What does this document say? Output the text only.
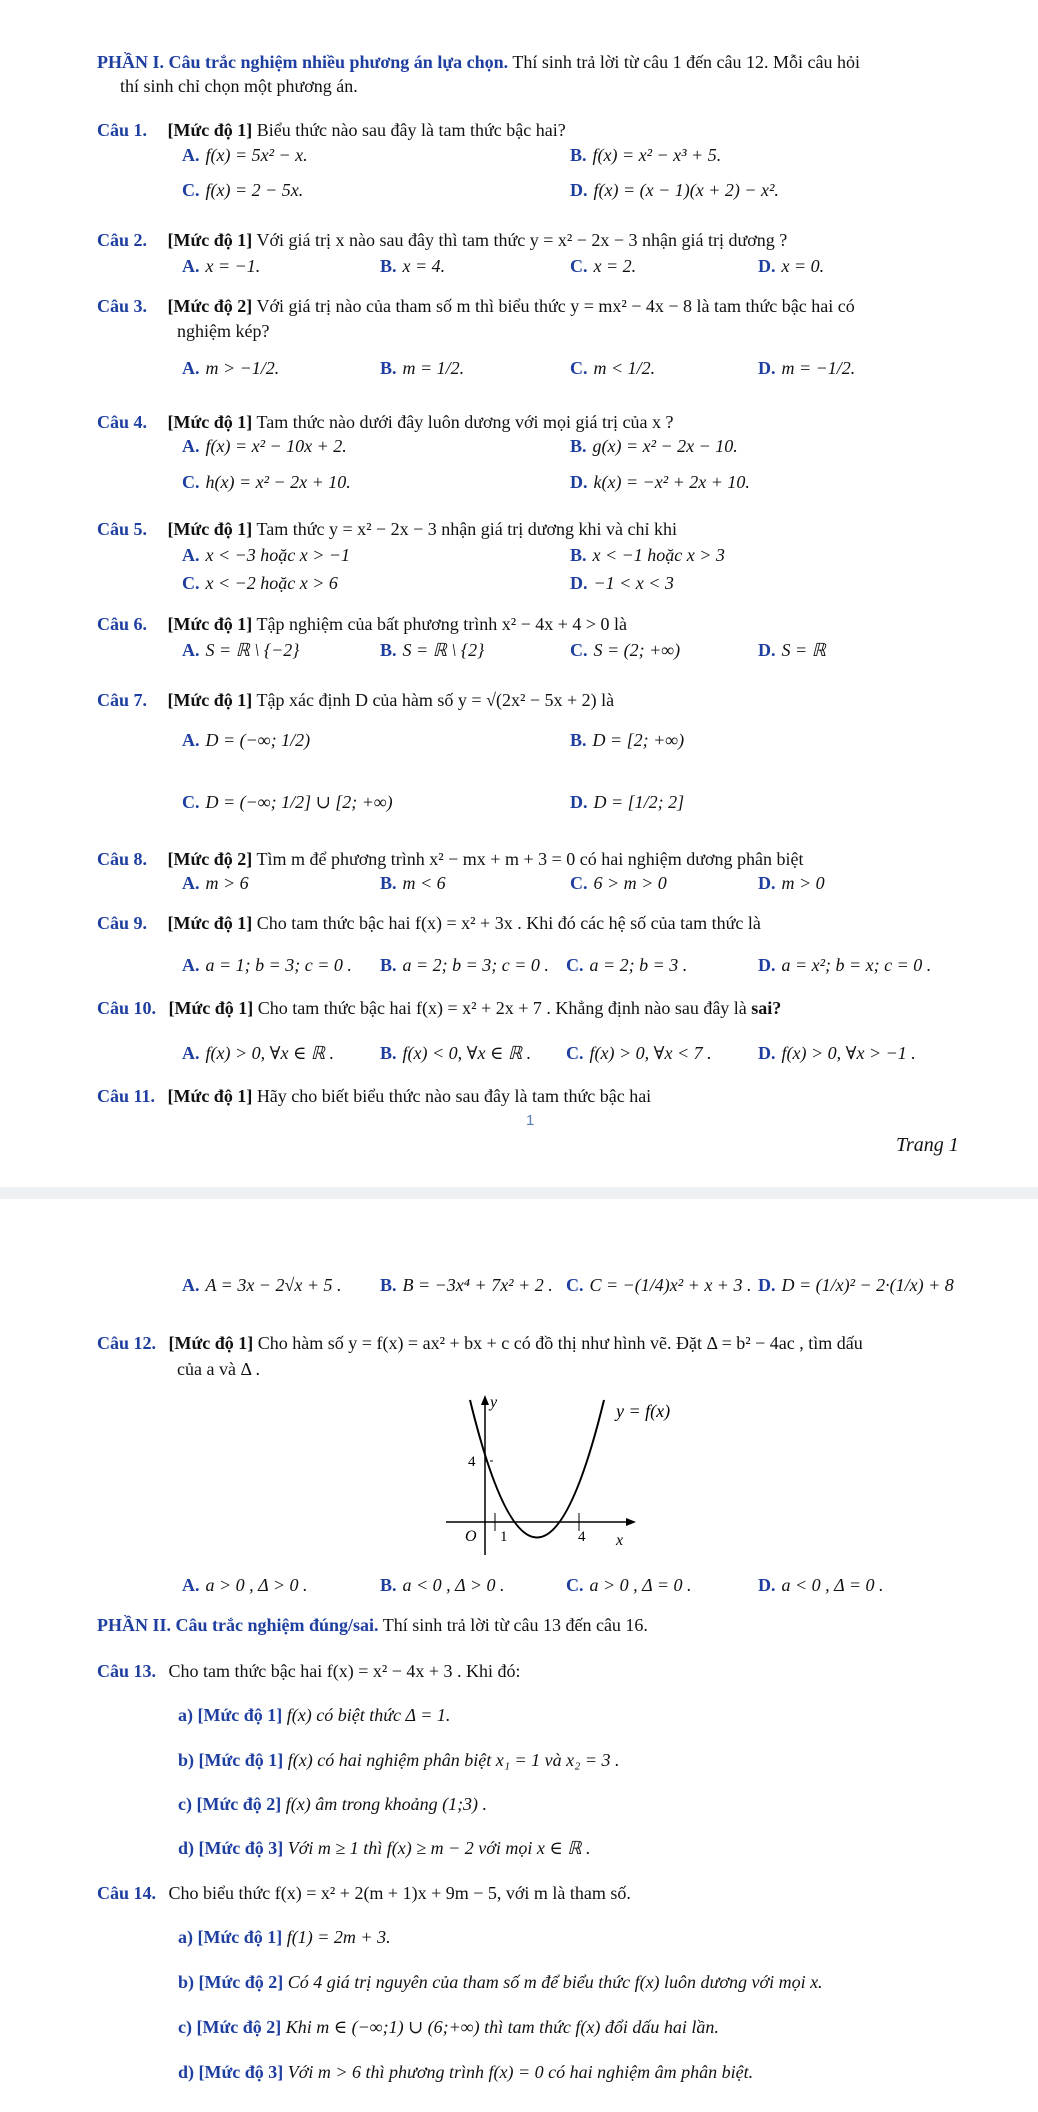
PHẦN I. Câu trắc nghiệm nhiều phương án lựa chọn. Thí sinh trả lời từ câu 1 đến câu 12. Mỗi câu hỏi
thí sinh chỉ chọn một phương án.
Câu 1. [Mức độ 1] Biểu thức nào sau đây là tam thức bậc hai?
A. f(x) = 5x² − x.	B. f(x) = x² − x³ + 5.
C. f(x) = 2 − 5x.	D. f(x) = (x − 1)(x + 2) − x².
Câu 2. [Mức độ 1] Với giá trị x nào sau đây thì tam thức y = x² − 2x − 3 nhận giá trị dương ?
A. x = −1.	B. x = 4.	C. x = 2.	D. x = 0.
Câu 3. [Mức độ 2] Với giá trị nào của tham số m thì biểu thức y = mx² − 4x − 8 là tam thức bậc hai có
nghiệm kép?
A. m > −1/2.	B. m = 1/2.	C. m < 1/2.	D. m = −1/2.
Câu 4. [Mức độ 1] Tam thức nào dưới đây luôn dương với mọi giá trị của x ?
A. f(x) = x² − 10x + 2.	B. g(x) = x² − 2x − 10.
C. h(x) = x² − 2x + 10.	D. k(x) = −x² + 2x + 10.
Câu 5. [Mức độ 1] Tam thức y = x² − 2x − 3 nhận giá trị dương khi và chỉ khi
A. x < −3 hoặc x > −1	B. x < −1 hoặc x > 3
C. x < −2 hoặc x > 6	D. −1 < x < 3
Câu 6. [Mức độ 1] Tập nghiệm của bất phương trình x² − 4x + 4 > 0 là
A. S = ℝ \ {−2}	B. S = ℝ \ {2}	C. S = (2; +∞)	D. S = ℝ
Câu 7. [Mức độ 1] Tập xác định D của hàm số y = √(2x² − 5x + 2) là
A. D = (−∞; 1/2)	B. D = [2; +∞)
C. D = (−∞; 1/2] ∪ [2; +∞)	D. D = [1/2; 2]
Câu 8. [Mức độ 2] Tìm m để phương trình x² − mx + m + 3 = 0 có hai nghiệm dương phân biệt
A. m > 6	B. m < 6	C. 6 > m > 0	D. m > 0
Câu 9. [Mức độ 1] Cho tam thức bậc hai f(x) = x² + 3x . Khi đó các hệ số của tam thức là
A. a = 1; b = 3; c = 0 . B. a = 2; b = 3; c = 0 . C. a = 2; b = 3 .	D. a = x²; b = x; c = 0 .
Câu 10. [Mức độ 1] Cho tam thức bậc hai f(x) = x² + 2x + 7 . Khẳng định nào sau đây là sai?
A. f(x) > 0, ∀x ∈ ℝ .	B. f(x) < 0, ∀x ∈ ℝ . C. f(x) > 0, ∀x < 7 .	D. f(x) > 0, ∀x > −1 .
Câu 11. [Mức độ 1] Hãy cho biết biểu thức nào sau đây là tam thức bậc hai
1
Trang 1
A. A = 3x − 2√x + 5 . B. B = −3x⁴ + 7x² + 2 . C. C = −(1/4)x² + x + 3 . D. D = (1/x)² − 2·(1/x) + 8
Câu 12. [Mức độ 1] Cho hàm số y = f(x) = ax² + bx + c có đồ thị như hình vẽ. Đặt Δ = b² − 4ac , tìm dấu
của a và Δ .
y
x
O
4
1	4
y = f(x)
A. a > 0 , Δ > 0 .	B. a < 0 , Δ > 0 .	C. a > 0 , Δ = 0 .	D. a < 0 , Δ = 0 .
PHẦN II. Câu trắc nghiệm đúng/sai. Thí sinh trả lời từ câu 13 đến câu 16.
Câu 13. Cho tam thức bậc hai f(x) = x² − 4x + 3 . Khi đó:
a) [Mức độ 1] f(x) có biệt thức Δ = 1.
b) [Mức độ 1] f(x) có hai nghiệm phân biệt x₁ = 1 và x₂ = 3 .
c) [Mức độ 2] f(x) âm trong khoảng (1;3) .
d) [Mức độ 3] Với m ≥ 1 thì f(x) ≥ m − 2 với mọi x ∈ ℝ .
Câu 14. Cho biểu thức f(x) = x² + 2(m + 1)x + 9m − 5, với m là tham số.
a) [Mức độ 1] f(1) = 2m + 3.
b) [Mức độ 2] Có 4 giá trị nguyên của tham số m để biểu thức f(x) luôn dương với mọi x.
c) [Mức độ 2] Khi m ∈ (−∞;1) ∪ (6;+∞) thì tam thức f(x) đổi dấu hai lần.
d) [Mức độ 3] Với m > 6 thì phương trình f(x) = 0 có hai nghiệm âm phân biệt.
